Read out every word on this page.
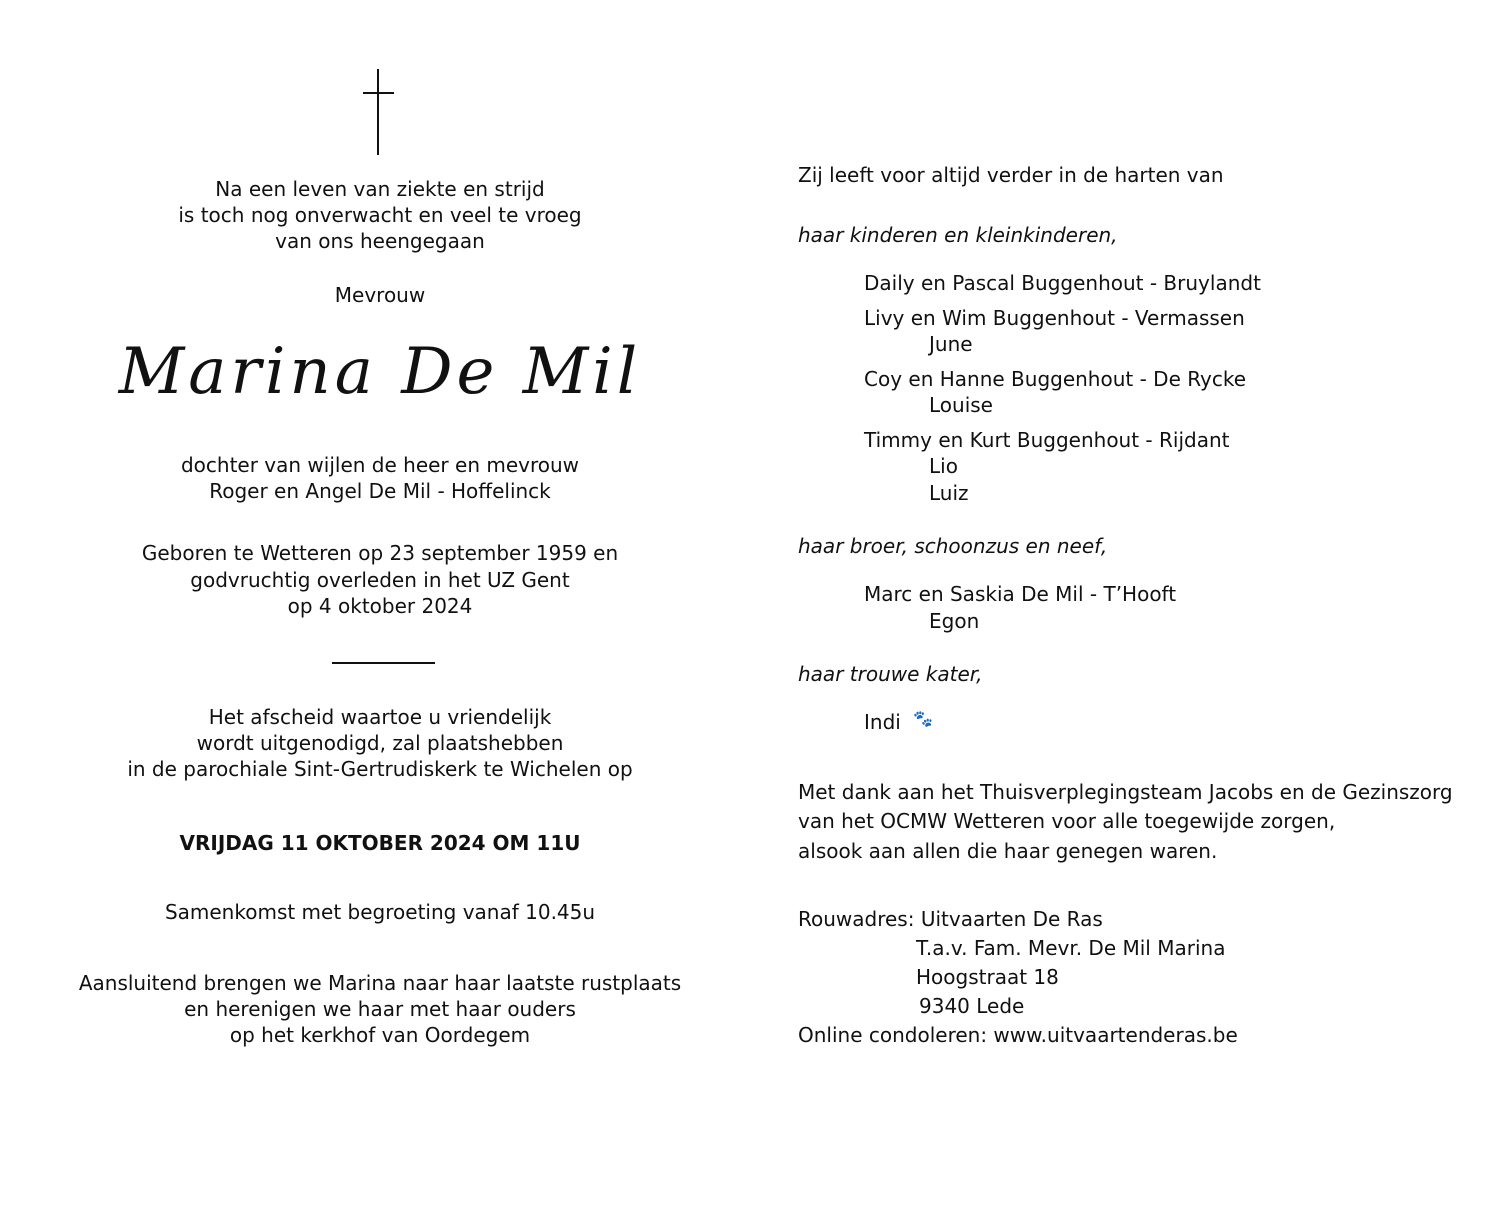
Na een leven van ziekte en strijd
is toch nog onverwacht en veel te vroeg
van ons heengegaan
Mevrouw
Marina De Mil
dochter van wijlen de heer en mevrouw
Roger en Angel De Mil - Hoffelinck
Geboren te Wetteren op 23 september 1959 en
godvruchtig overleden in het UZ Gent
op 4 oktober 2024
Het afscheid waartoe u vriendelijk
wordt uitgenodigd, zal plaatshebben
in de parochiale Sint-Gertrudiskerk te Wichelen op
VRIJDAG 11 OKTOBER 2024 OM 11U
Samenkomst met begroeting vanaf 10.45u
Aansluitend brengen we Marina naar haar laatste rustplaats
en herenigen we haar met haar ouders
op het kerkhof van Oordegem
Zij leeft voor altijd verder in de harten van
haar kinderen en kleinkinderen,
Daily en Pascal Buggenhout - Bruylandt
Livy en Wim Buggenhout - Vermassen
June
Coy en Hanne Buggenhout - De Rycke
Louise
Timmy en Kurt Buggenhout - Rijdant
Lio
Luiz
haar broer, schoonzus en neef,
Marc en Saskia De Mil - T’Hooft
Egon
haar trouwe kater,
Indi 🐾
Met dank aan het Thuisverplegingsteam Jacobs en de Gezinszorg
van het OCMW Wetteren voor alle toegewijde zorgen,
alsook aan allen die haar genegen waren.
Rouwadres: Uitvaarten De Ras
T.a.v. Fam. Mevr. De Mil Marina
Hoogstraat 18
9340 Lede
Online condoleren: www.uitvaartenderas.be
